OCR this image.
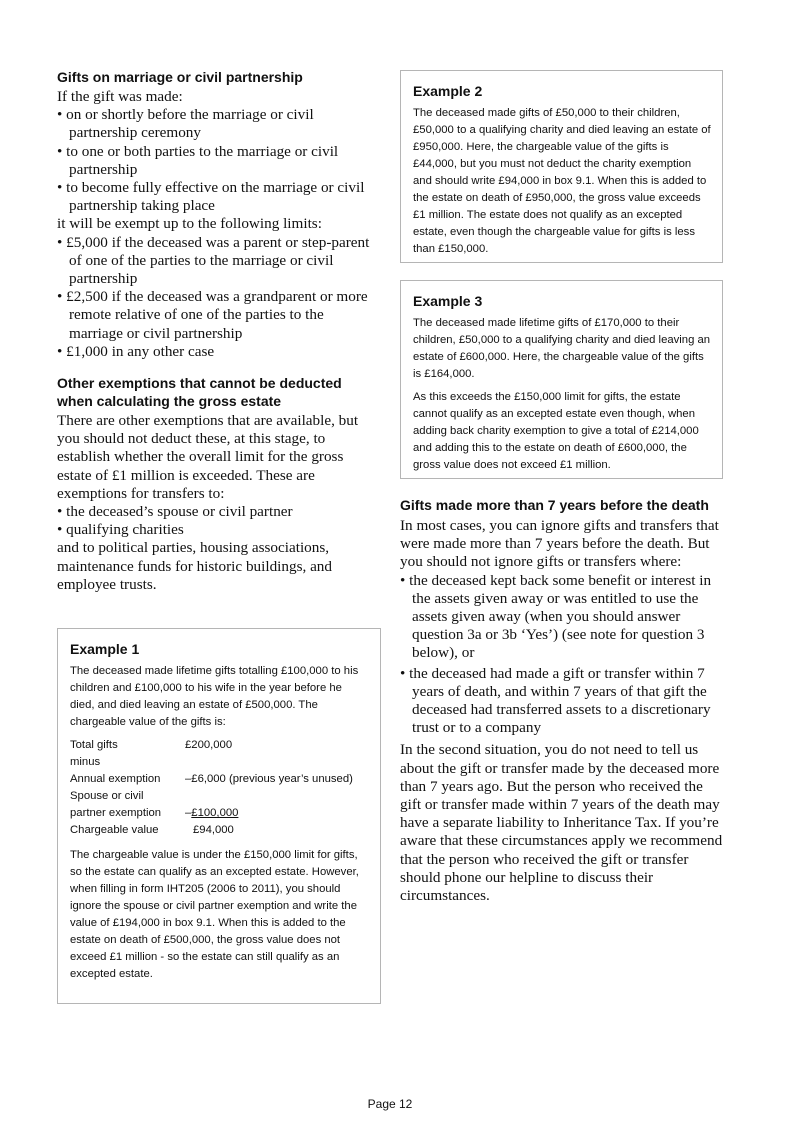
Gifts on marriage or civil partnership

If the gift was made:

• on or shortly before the marriage or civil partnership ceremony
• to one or both parties to the marriage or civil partnership
• to become fully effective on the marriage or civil partnership taking place

it will be exempt up to the following limits:

• £5,000 if the deceased was a parent or step-parent of one of the parties to the marriage or civil partnership
• £2,500 if the deceased was a grandparent or more remote relative of one of the parties to the marriage or civil partnership
• £1,000 in any other case
Other exemptions that cannot be deducted when calculating the gross estate

There are other exemptions that are available, but you should not deduct these, at this stage, to establish whether the overall limit for the gross estate of £1 million is exceeded. These are exemptions for transfers to:

• the deceased’s spouse or civil partner
• qualifying charities

and to political parties, housing associations, maintenance funds for historic buildings, and employee trusts.

Example 1

The deceased made lifetime gifts totalling £100,000 to his children and £100,000 to his wife in the year before he died, and died leaving an estate of £500,000. The chargeable value of the gifts is:

Total gifts	£200,000
minus	
Annual exemption	–£6,000 (previous year’s unused)
Spouse or civil	
partner exemption	–£100,000
Chargeable value	£94,000

The chargeable value is under the £150,000 limit for gifts, so the estate can qualify as an excepted estate. However, when filling in form IHT205 (2006 to 2011), you should ignore the spouse or civil partner exemption and write the value of £194,000 in box 9.1. When this is added to the estate on death of £500,000, the gross value does not exceed £1 million - so the estate can still qualify as an excepted estate.

Example 2

The deceased made gifts of £50,000 to their children, £50,000 to a qualifying charity and died leaving an estate of £950,000. Here, the chargeable value of the gifts is £44,000, but you must not deduct the charity exemption and should write £94,000 in box 9.1. When this is added to the estate on death of £950,000, the gross value exceeds £1 million. The estate does not qualify as an excepted estate, even though the chargeable value for gifts is less than £150,000.

Example 3

The deceased made lifetime gifts of £170,000 to their children, £50,000 to a qualifying charity and died leaving an estate of £600,000. Here, the chargeable value of the gifts is £164,000.

As this exceeds the £150,000 limit for gifts, the estate cannot qualify as an excepted estate even though, when adding back charity exemption to give a total of £214,000 and adding this to the estate on death of £600,000, the gross value does not exceed £1 million.

Gifts made more than 7 years before the death

In most cases, you can ignore gifts and transfers that were made more than 7 years before the death. But you should not ignore gifts or transfers where:

• the deceased kept back some benefit or interest in the assets given away or was entitled to use the assets given away (when you should answer question 3a or 3b ‘Yes’) (see note for question 3 below), or
• the deceased had made a gift or transfer within 7 years of death, and within 7 years of that gift the deceased had transferred assets to a discretionary trust or to a company

In the second situation, you do not need to tell us about the gift or transfer made by the deceased more than 7 years ago. But the person who received the gift or transfer made within 7 years of the death may have a separate liability to Inheritance Tax. If you’re aware that these circumstances apply we recommend that the person who received the gift or transfer should phone our helpline to discuss their circumstances.

Page 12
